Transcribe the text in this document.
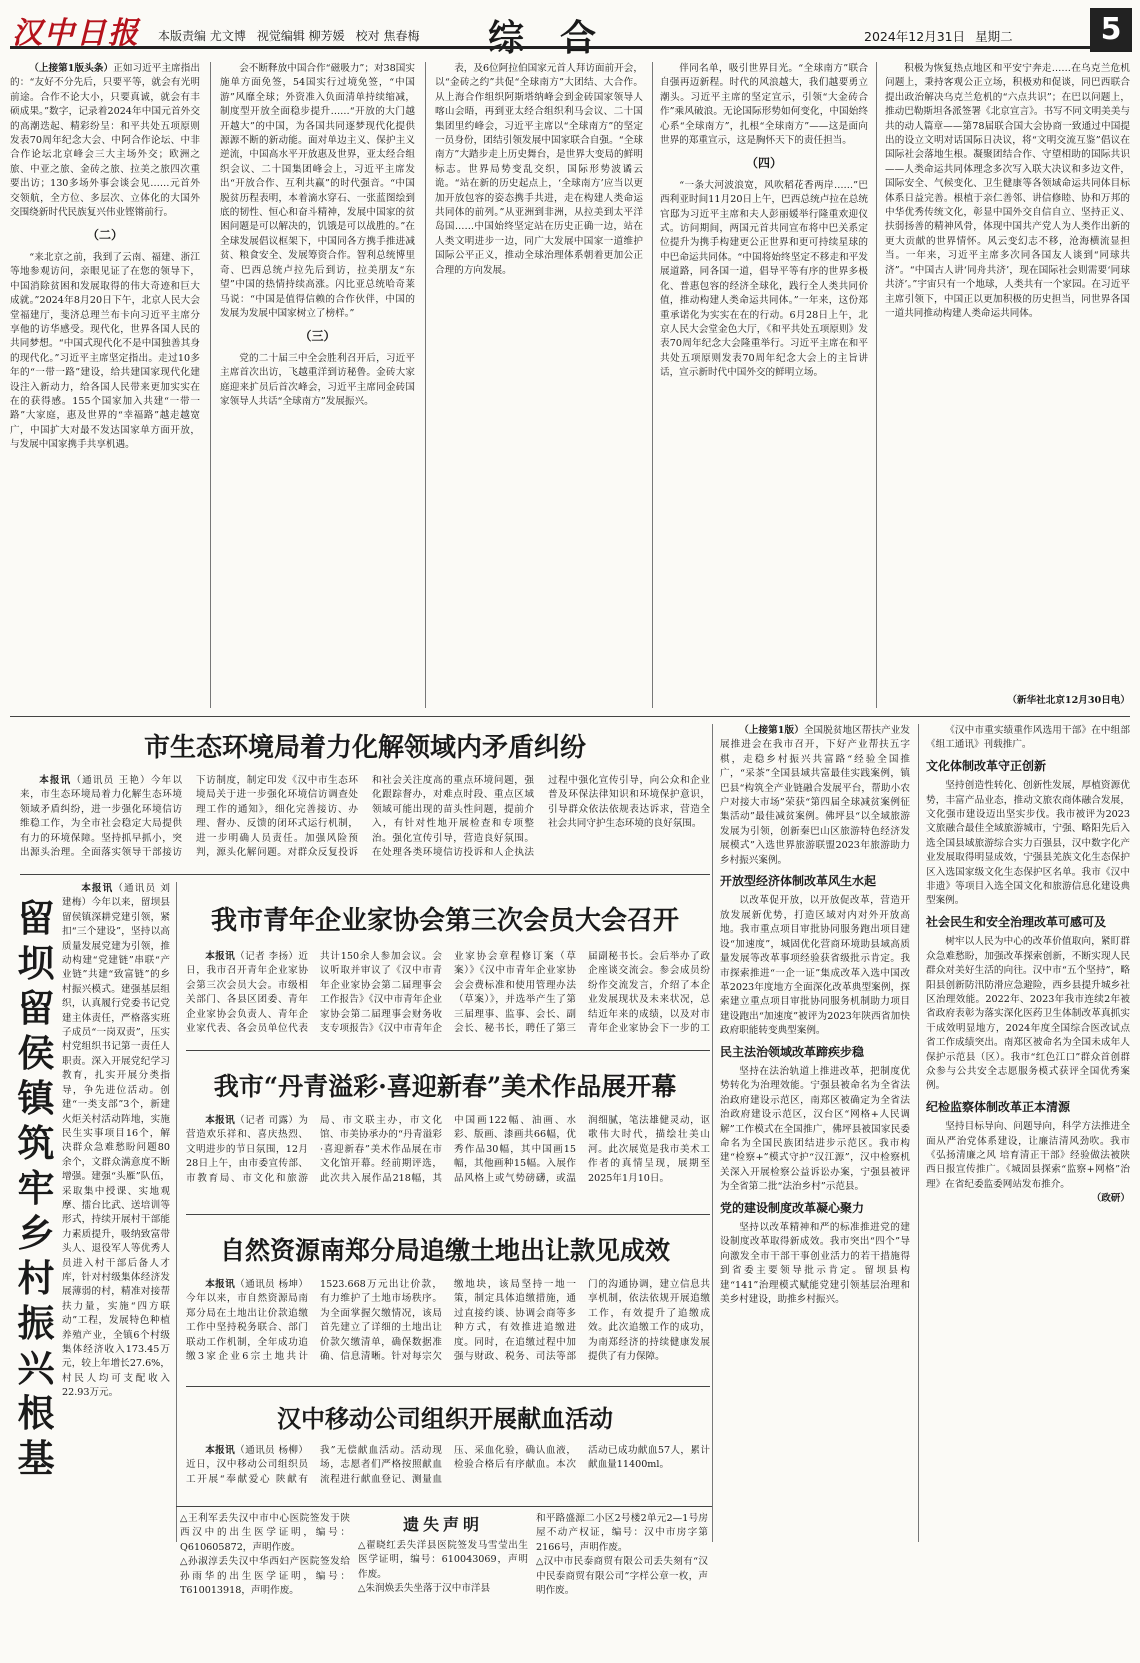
汉中日报 本版责编 尤文博 视觉编辑 柳芳媛 校对 焦春梅 综合	2024年12月31日 星期二	5

（上接第1版头条）正如习近平主席指出的：“友好不分先后，只要平等，就会有光明前途。合作不论大小，只要真诚，就会有丰硕成果。”数字，记录着2024年中国元首外交的高潮迭起、精彩纷呈：和平共处五项原则发表70周年纪念大会、中阿合作论坛、中非合作论坛北京峰会三大主场外交；欧洲之旅、中亚之旅、金砖之旅、拉美之旅四次重要出访；130多场外事会谈会见……元首外交领航，全方位、多层次、立体化的大国外交围绕新时代民族复兴伟业铿锵前行。

（二）

“来北京之前，我到了云南、福建、浙江等地参观访问，亲眼见证了在您的领导下，中国消除贫困和发展取得的伟大奇迹和巨大成就。”2024年8月20日下午，北京人民大会堂福建厅，斐济总理兰布卡向习近平主席分享他的访华感受。现代化，世界各国人民的共同梦想。“中国式现代化不是中国独善其身的现代化。”习近平主席坚定指出。走过10多年的“一带一路”建设，给共建国家现代化建设注入新动力，给各国人民带来更加实实在在的获得感。155个国家加入共建“一带一路”大家庭，惠及世界的“幸福路”越走越宽广，中国扩大对最不发达国家单方面开放，与发展中国家携手共享机遇。

会不断释放中国合作“磁吸力”；对38国实施单方面免签，54国实行过境免签，“中国游”风靡全球；外资准入负面清单持续缩减，制度型开放全面稳步提升……“开放的大门越开越大”的中国，为各国共同逐梦现代化提供源源不断的新动能。面对单边主义、保护主义逆流，中国高水平开放惠及世界，亚太经合组织会议、二十国集团峰会上，习近平主席发出“开放合作、互利共赢”的时代强音。“中国脱贫历程表明，本着滴水穿石、一张蓝图绘到底的韧性、恒心和奋斗精神，发展中国家的贫困问题是可以解决的，饥饿是可以战胜的。”在全球发展倡议框架下，中国同各方携手推进减贫、粮食安全、发展筹资合作。智利总统博里奇、巴西总统卢拉先后到访，拉美朋友“东望”中国的热情持续高涨。闪比亚总统哈奇莱马说：“中国是值得信赖的合作伙伴，中国的发展为发展中国家树立了榜样。”

（三）

党的二十届三中全会胜利召开后，习近平主席首次出访，飞越重洋到访秘鲁。金砖大家庭迎来扩员后首次峰会，习近平主席同金砖国家领导人共话“全球南方”发展振兴。

表，及6位阿拉伯国家元首人拜访面前开会，以“金砖之约”共促“全球南方”大团结、大合作。从上海合作组织阿斯塔纳峰会到金砖国家领导人喀山会晤，再到亚太经合组织利马会议、二十国集团里约峰会，习近平主席以“全球南方”的坚定一员身份，团结引领发展中国家联合自强。“全球南方”大踏步走上历史舞台，是世界大变局的鲜明标志。世界局势变乱交织，国际形势波谲云诡。“站在新的历史起点上，‘全球南方’应当以更加开放包容的姿态携手共进，走在构建人类命运共同体的前列。”从亚洲到非洲，从拉美到太平洋岛国……中国始终坚定站在历史正确一边，站在人类文明进步一边，同广大发展中国家一道维护国际公平正义，推动全球治理体系朝着更加公正合理的方向发展。

伴同名单，吸引世界目光。“全球南方”联合自强再迈新程。时代的风浪越大，我们越要勇立潮头。习近平主席的坚定宣示，引领“大金砖合作”乘风破浪。无论国际形势如何变化，中国始终心系“全球南方”，扎根“全球南方”——这是面向世界的郑重宣示，这是胸怀天下的责任担当。

（四）

“一条大河波浪宽，风吹稻花香两岸……”巴西利亚时间11月20日上午，巴西总统卢拉在总统官邸为习近平主席和夫人彭丽媛举行隆重欢迎仪式。访问期间，两国元首共同宣布将中巴关系定位提升为携手构建更公正世界和更可持续星球的中巴命运共同体。“中国将始终坚定不移走和平发展道路，同各国一道，倡导平等有序的世界多极化、普惠包容的经济全球化，践行全人类共同价值，推动构建人类命运共同体。”一年来，这份郑重承诺化为实实在在的行动。6月28日上午，北京人民大会堂金色大厅，《和平共处五项原则》发表70周年纪念大会隆重举行。习近平主席在和平共处五项原则发表70周年纪念大会上的主旨讲话，宣示新时代中国外交的鲜明立场。

积极为恢复热点地区和平安宁奔走……在乌克兰危机问题上，秉持客观公正立场，积极劝和促谈，同巴西联合提出政治解决乌克兰危机的“六点共识”；在巴以问题上，推动巴勒斯坦各派签署《北京宣言》。书写不同文明美美与共的动人篇章——第78届联合国大会协商一致通过中国提出的设立文明对话国际日决议，将“文明交流互鉴”倡议在国际社会落地生根。凝聚团结合作、守望相助的国际共识——人类命运共同体理念多次写入联大决议和多边文件，国际安全、气候变化、卫生健康等各领域命运共同体目标体系日益完善。根植于亲仁善邻、讲信修睦、协和万邦的中华优秀传统文化，彰显中国外交自信自立、坚持正义、扶弱扬善的精神风骨，体现中国共产党人为人类作出新的更大贡献的世界情怀。风云变幻志不移，沧海横流显担当。一年来，习近平主席多次同各国友人谈到“同球共济”。“中国古人讲‘同舟共济’，现在国际社会则需要‘同球共济’。”宇宙只有一个地球，人类共有一个家园。在习近平主席引领下，中国正以更加积极的历史担当，同世界各国一道共同推动构建人类命运共同体。

（新华社北京12月30日电）
市生态环境局着力化解领域内矛盾纠纷

本报讯（通讯员 王艳）今年以来，市生态环境局着力化解生态环境领域矛盾纠纷，进一步强化环境信访维稳工作，为全市社会稳定大局提供有力的环境保障。坚持抓早抓小，突出源头治理。全面落实领导干部接访下访制度，制定印发《汉中市生态环境局关于进一步强化环境信访调查处理工作的通知》，细化完善接访、办理、督办、反馈的闭环式运行机制，进一步明确人员责任。加强风险预判，源头化解问题。对群众反复投诉和社会关注度高的重点环境问题，强化跟踪督办，对难点时段、重点区域领域可能出现的苗头性问题，提前介入，有针对性地开展检查和专项整治。强化宣传引导，营造良好氛围。在处理各类环境信访投诉和人企执法过程中强化宣传引导，向公众和企业普及环保法律知识和环境保护意识，引导群众依法依规表达诉求，营造全社会共同守护生态环境的良好氛围。

留
坝
留
侯
镇
筑
牢
乡
村
振
兴
根
基

本报讯（通讯员 刘建梅）今年以来，留坝县留侯镇深耕党建引领，紧扣“三个建设”，坚持以高质量发展党建为引领，推动构建“党建链”串联“产业链”共建“致富链”的乡村振兴模式。建强基层组织，认真履行党委书记党建主体责任，严格落实班子成员“一岗双责”，压实村党组织书记第一责任人职责。深入开展党纪学习教育，扎实开展分类指导，争先进位活动。创建“一类支部”3个，新建火炬关村活动阵地，实施民生实事项目16个，解决群众急难愁盼问题80余个，文群众满意度不断增强。建强“头雁”队伍，采取集中授课、实地观摩、擂台比武、送培训等形式，持续开展村干部能力素质提升，吸纳致富带头人、退役军人等优秀人员进入村干部后备人才库，针对村级集体经济发展薄弱的村，精准对接帮扶力量，实施“四方联动”工程，发展特色种植养殖产业，全镇6个村级集体经济收入173.45万元，较上年增长27.6%，村民人均可支配收入22.93万元。

我市青年企业家协会第三次会员大会召开

本报讯（记者 李扬）近日，我市召开青年企业家协会第三次会员大会。市级相关部门、各县区团委、青年企业家协会负责人、青年企业家代表、各会员单位代表共计150余人参加会议。会议听取并审议了《汉中市青年企业家协会第二届理事会工作报告》《汉中市青年企业家协会第二届理事会财务收支专项报告》《汉中市青年企业家协会章程修订案（草案）》《汉中市青年企业家协会会费标准和使用管理办法（草案）》，并选举产生了第三届理事、监事、会长、副会长、秘书长，聘任了第三届副秘书长。会后举办了政企座谈交流会。参会成员纷纷作交流发言，介绍了本企业发展现状及未来状况，总结近年来的成绩，以及对市青年企业家协会下一步的工

我市“丹青溢彩·喜迎新春”美术作品展开幕

本报讯（记者 司露）为营造欢乐祥和、喜庆热烈、文明进步的节日氛围，12月28日上午，由市委宣传部、市教育局、市文化和旅游局、市文联主办，市文化馆、市美协承办的“丹青溢彩·喜迎新春”美术作品展在市文化馆开幕。经前期评选，此次共入展作品218幅，其中国画122幅、油画、水彩、版画、漆画共66幅，优秀作品30幅，其中国画15幅，其他画种15幅。入展作品风格上或气势磅礴，或温润细腻，笔法雄健灵动，讴歌伟大时代，描绘壮美山河。此次展览是我市美术工作者的真情呈现，展期至2025年1月10日。

自然资源南郑分局追缴土地出让款见成效

本报讯（通讯员 杨坤）今年以来，市自然资源局南郑分局在土地出让价款追缴工作中坚持税务联合、部门联动工作机制，全年成功追缴3家企业6宗土地共计1523.668万元出让价款，有力维护了土地市场秩序。为全面掌握欠缴情况，该局首先建立了详细的土地出让价款欠缴清单，确保数据准确、信息清晰。针对每宗欠缴地块，该局坚持一地一策，制定具体追缴措施，通过直接约谈、协调会商等多种方式，有效推进追缴进度。同时，在追缴过程中加强与财政、税务、司法等部门的沟通协调，建立信息共享机制，依法依规开展追缴工作，有效提升了追缴成效。此次追缴工作的成功，为南郑经济的持续健康发展提供了有力保障。

汉中移动公司组织开展献血活动

本报讯（通讯员 杨柳）近日，汉中移动公司组织员工开展“奉献爱心 陕献有我”无偿献血活动。活动现场，志愿者们严格按照献血流程进行献血登记、测量血压、采血化验，确认血液，检验合格后有序献血。本次活动已成功献血57人，累计献血量11400ml。

（上接第1版）全国脱贫地区帮扶产业发展推进会在我市召开，下好产业帮扶五字棋，走稳乡村振兴共富路“经验全国推广，“采茶”全国县域共富最佳实践案例，镇巴县“构筑全产业链融合发展平台，帮助小农户对接大市场”荣获“第四届全球减贫案例征集活动”最佳减贫案例。佛坪县“以全域旅游发展为引领，创新秦巴山区旅游特色经济发展模式”入选世界旅游联盟2023年旅游助力乡村振兴案例。

开放型经济体制改革风生水起

以改革促开放，以开放促改革，营造开放发展新优势，打造区域对内对外开放高地。我市重点项目审批协同服务跑出项目建设“加速度”，城固优化营商环境助县域高质量发展等改革事项经验获省级批示肯定。我市探索推进“一企一证”集成改革入选中国改革2023年度地方全面深化改革典型案例，探索建立重点项目审批协同服务机制助力项目建设跑出“加速度”被评为2023年陕西省加快政府职能转变典型案例。

民主法治领域改革蹄疾步稳

坚持在法治轨道上推进改革，把制度优势转化为治理效能。宁强县被命名为全省法治政府建设示范区，南郑区被确定为全省法治政府建设示范区，汉台区“网格+人民调解”工作模式在全国推广，佛坪县被国家民委命名为全国民族团结进步示范区。我市构建“检察+”模式守护“汉江源”，汉中检察机关深入开展检察公益诉讼办案，宁强县被评为全省第二批“法治乡村”示范县。

党的建设制度改革凝心聚力

坚持以改革精神和严的标准推进党的建设制度改革取得新成效。我市突出“四个”导向激发全市干部干事创业活力的若干措施得到省委主要领导批示肯定。留坝县构建“141”治理模式赋能党建引领基层治理和美乡村建设，助推乡村振兴。

《汉中市重实绩重作风选用干部》在中组部《组工通讯》刊载推广。

文化体制改革守正创新

坚持创造性转化、创新性发展，厚植资源优势，丰富产品业态，推动文旅农商体融合发展，文化强市建设迈出坚实步伐。我市被评为2023文旅融合最佳全域旅游城市，宁强、略阳先后入选全国县域旅游综合实力百强县，汉中数字化产业发展取得明显成效，宁强县羌族文化生态保护区入选国家级文化生态保护区名单。我市《汉中非遗》等项目入选全国文化和旅游信息化建设典型案例。

社会民生和安全治理改革可感可及

树牢以人民为中心的改革价值取向，紧盯群众急难愁盼，加强改革探索创新，不断实现人民群众对美好生活的向往。汉中市“五个坚持”，略阳县创新防汛防滑应急避险，西乡县提升城乡社区治理效能。2022年、2023年我市连续2年被省政府表彰为落实深化医药卫生体制改革真抓实干成效明显地方，2024年度全国综合医改试点省工作成绩突出。南郑区被命名为全国未成年人保护示范县（区）。我市“红色江口”群众首创群众参与公共安全志愿服务模式获评全国优秀案例。

纪检监察体制改革正本清源

坚持目标导向、问题导向，科学方法推进全面从严治党体系建设，让廉洁清风劲吹。我市《弘扬清廉之风 培育清正干部》经验做法被陕西日报宣传推广。《城固县探索“监察+网格”治理》在省纪委监委网站发布推介。

（政研）

△王利军丢失汉中市中心医院签发于陕西汉中的出生医学证明，编号：Q610605872，声明作废。

△孙淑淳丢失汉中华西妇产医院签发给孙雨华的出生医学证明，编号：T610013918，声明作废。

遗失声明

△翟晓红丢失洋县医院签发马雪莹出生医学证明，编号：610043069，声明作废。

△朱润焕丢失坐落于汉中市洋县

和平路盛源二小区2号楼2单元2—1号房屋不动产权证，编号：汉中市房字第2166号，声明作废。

△汉中市民泰商贸有限公司丢失刻有“汉中民泰商贸有限公司”字样公章一枚，声明作废。
